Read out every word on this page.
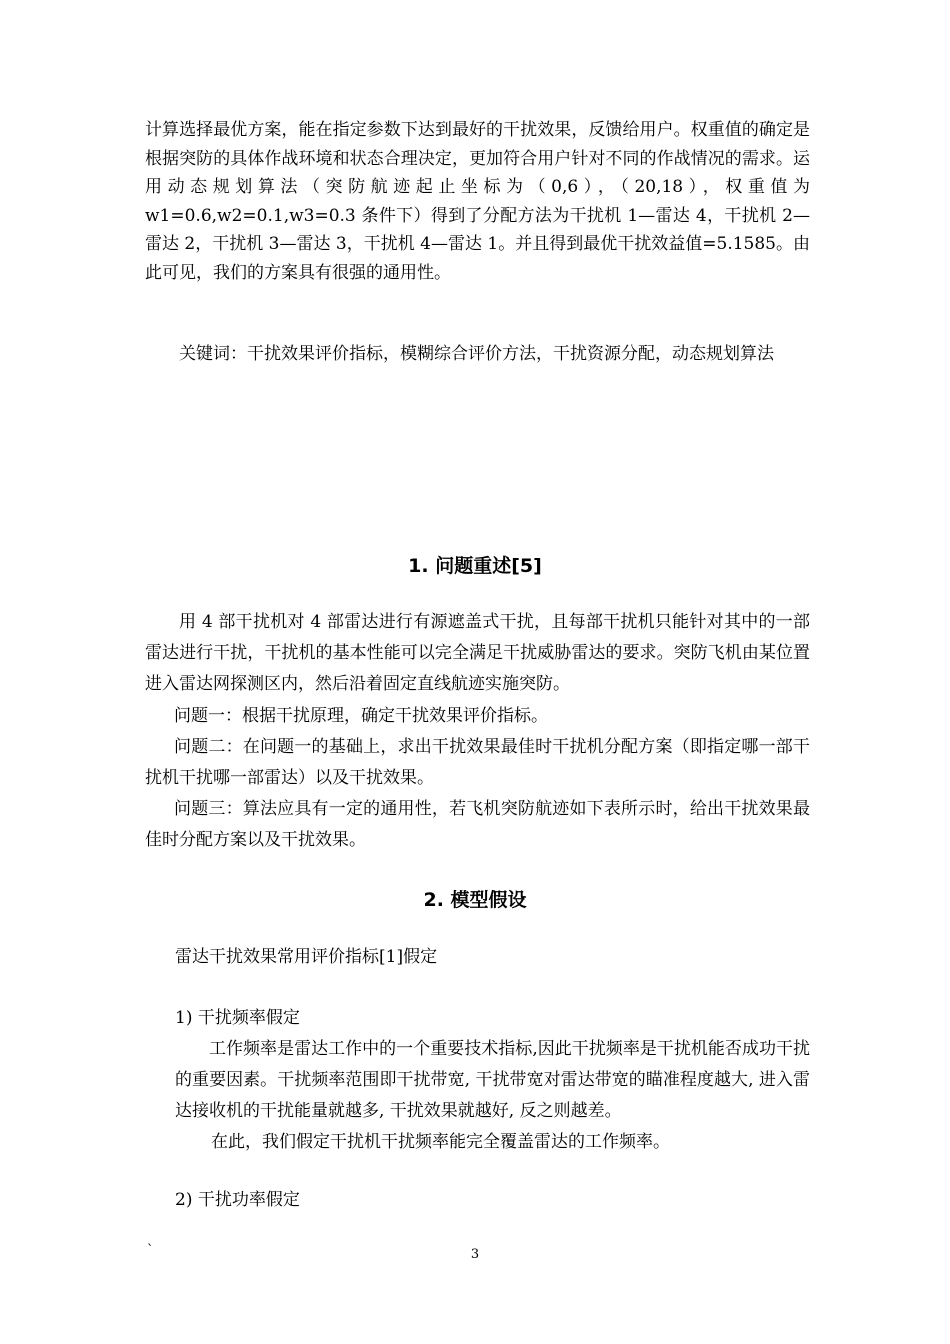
计算选择最优方案，能在指定参数下达到最好的干扰效果，反馈给用户。权重值的确定是根据突防的具体作战环境和状态合理决定，更加符合用户针对不同的作战情况的需求。运用动态规划算法（突防航迹起止坐标为（0,6），（20,18），权重值为 w1=0.6,w2=0.1,w3=0.3 条件下）得到了分配方法为干扰机 1—雷达 4，干扰机 2—雷达 2，干扰机 3—雷达 3，干扰机 4—雷达 1。并且得到最优干扰效益值=5.1585。由此可见，我们的方案具有很强的通用性。

关键词：干扰效果评价指标，模糊综合评价方法，干扰资源分配，动态规划算法

1. 问题重述[5]

用 4 部干扰机对 4 部雷达进行有源遮盖式干扰，且每部干扰机只能针对其中的一部雷达进行干扰，干扰机的基本性能可以完全满足干扰威胁雷达的要求。突防飞机由某位置进入雷达网探测区内，然后沿着固定直线航迹实施突防。

问题一：根据干扰原理，确定干扰效果评价指标。

问题二：在问题一的基础上，求出干扰效果最佳时干扰机分配方案（即指定哪一部干扰机干扰哪一部雷达）以及干扰效果。

问题三：算法应具有一定的通用性，若飞机突防航迹如下表所示时，给出干扰效果最佳时分配方案以及干扰效果。

2. 模型假设

雷达干扰效果常用评价指标[1]假定

1) 干扰频率假定

工作频率是雷达工作中的一个重要技术指标,因此干扰频率是干扰机能否成功干扰的重要因素。干扰频率范围即干扰带宽, 干扰带宽对雷达带宽的瞄准程度越大, 进入雷达接收机的干扰能量就越多, 干扰效果就越好, 反之则越差。

在此，我们假定干扰机干扰频率能完全覆盖雷达的工作频率。

2) 干扰功率假定

`	3
